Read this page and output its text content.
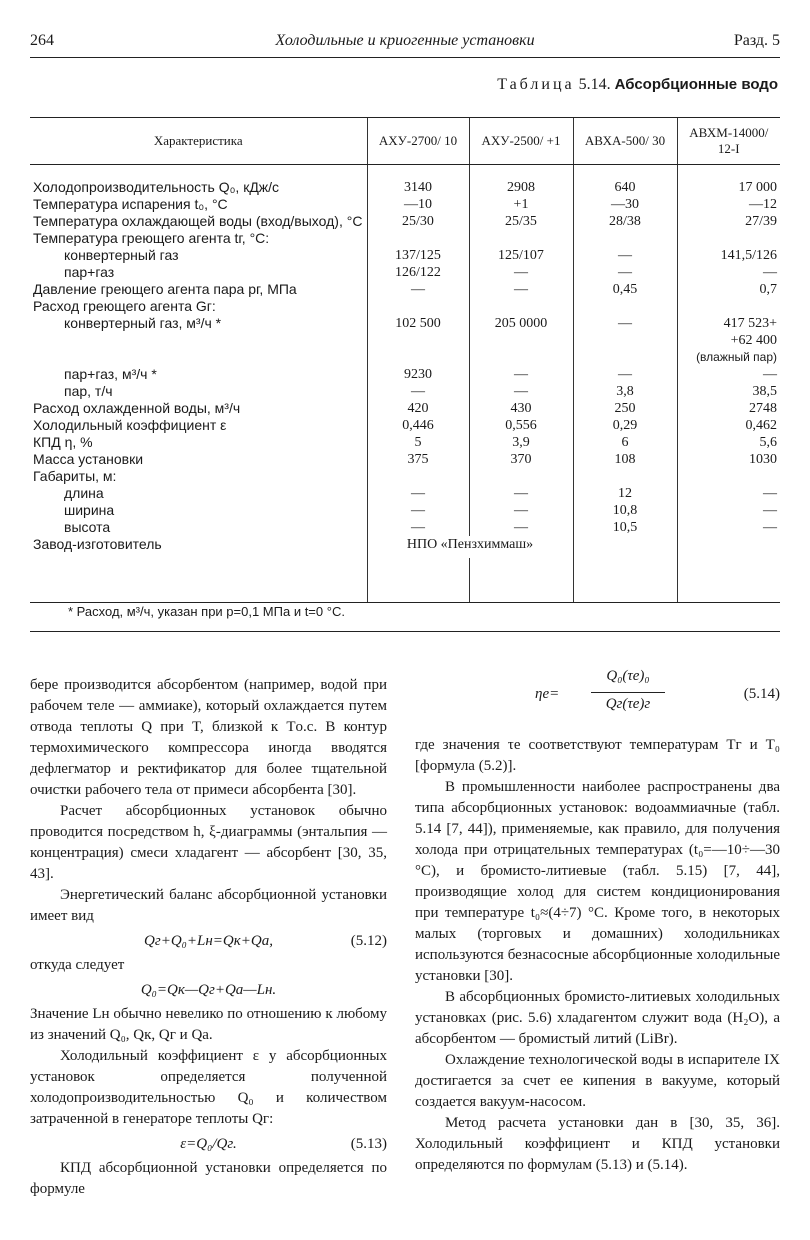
264	Холодильные и криогенные установки	Разд. 5
Таблица 5.14. Абсорбционные водо
Характеристика	АХУ-2700/ 10	АХУ-2500/ +1	АВХА-500/ 30	АВХМ-14000/ 12-I

Холодопроизводительность Q₀, кДж/с	3140	2908	640	17 000
Температура испарения t₀, °С	—10	+1	—30	—12
Температура охлаждающей воды (вход/выход), °С	25/30	25/35	28/38	27/39
Температура греющего агента tг, °С:				
конвертерный газ	137/125	125/107	—	141,5/126
пар+газ	126/122	—	—	—
Давление греющего агента пара pг, МПа	—	—	0,45	0,7
Расход греющего агента Gг:				
конвертерный газ, м³/ч *	102 500	205 0000	—	417 523+
				+62 400
				(влажный пар)
пар+газ, м³/ч *	9230	—	—	—
пар, т/ч	—	—	3,8	38,5
Расход охлажденной воды, м³/ч	420	430	250	2748
Холодильный коэффициент ε	0,446	0,556	0,29	0,462
КПД η, %	5	3,9	6	5,6
Масса установки	375	370	108	1030
Габариты, м:				
длина	—	—	12	—
ширина	—	—	10,8	—
высота	—	—	10,5	—
Завод-изготовитель	НПО «Пензхиммаш»			

* Расход, м³/ч, указан при p=0,1 МПа и t=0 °С.

бере производится абсорбентом (например, водой при рабочем теле — аммиаке), который охлаждается путем отвода теплоты Q при T, близкой к Tо.с. В контур термохимического компрессора иногда вводятся дефлегматор и ректификатор для более тщательной очистки рабочего тела от примеси абсорбента [30].

Расчет абсорбционных установок обычно проводится посредством h, ξ-диаграммы (энтальпия — концентрация) смеси хладагент — абсорбент [30, 35, 43].

Энергетический баланс абсорбционной установки имеет вид

Qг+Q₀+Lн=Qк+Qа,	(5.12)

откуда следует

Q₀=Qк—Qг+Qа—Lн.

Значение Lн обычно невелико по отношению к любому из значений Q₀, Qк, Qг и Qа.

Холодильный коэффициент ε у абсорбционных установок определяется полученной холодопроизводительностью Q₀ и количеством затраченной в генераторе теплоты Qг:

ε=Q₀/Qг.	(5.13)

КПД абсорбционной установки определяется по формуле

ηе=
Q₀(τе)₀
Qг(τе)г
(5.14)

где значения τе соответствуют температурам Tг и T₀ [формула (5.2)].

В промышленности наиболее распространены два типа абсорбционных установок: водоаммиачные (табл. 5.14 [7, 44]), применяемые, как правило, для получения холода при отрицательных температурах (t₀=—10÷—30 °С), и бромисто-литиевые (табл. 5.15) [7, 44], производящие холод для систем кондиционирования при температуре t₀≈(4÷7) °С. Кроме того, в некоторых малых (торговых и домашних) холодильниках используются безнасосные абсорбционные холодильные установки [30].

В абсорбционных бромисто-литиевых холодильных установках (рис. 5.6) хладагентом служит вода (H₂O), а абсорбентом — бромистый литий (LiBr).

Охлаждение технологической воды в испарителе IX достигается за счет ее кипения в вакууме, который создается вакуум-насосом.

Метод расчета установки дан в [30, 35, 36]. Холодильный коэффициент и КПД установки определяются по формулам (5.13) и (5.14).
